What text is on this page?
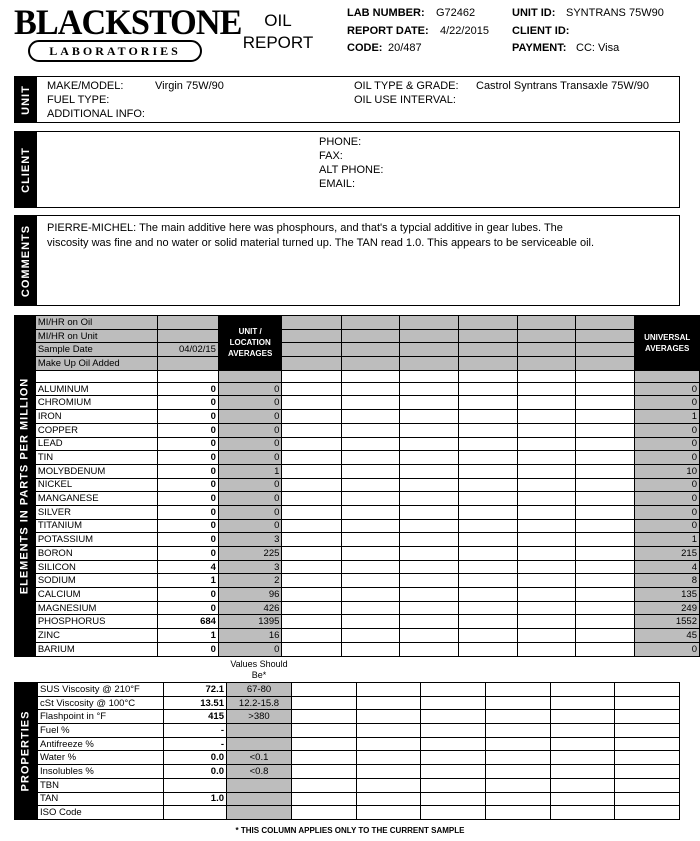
BLACKSTONE
LABORATORIES
OIL
REPORT
LAB NUMBER: G72462
REPORT DATE: 4/22/2015
CODE: 20/487
UNIT ID: SYNTRANS 75W90
CLIENT ID:
PAYMENT: CC: Visa
UNIT MAKE/MODEL:	Virgin 75W/90
FUEL TYPE:
ADDITIONAL INFO:
OIL TYPE & GRADE: Castrol Syntrans Transaxle 75W/90
OIL USE INTERVAL:
CLIENT
PHONE:
FAX:
ALT PHONE:
EMAIL:
COMMENTS PIERRE-MICHEL: The main additive here was phosphours, and that's a typcial additive in gear lubes. The viscosity was fine and no water or solid material turned up. The TAN read 1.0. This appears to be serviceable oil.
ELEMENTS IN PARTS PER MILLION	MI/HR on Oil		UNIT / LOCATION AVERAGES							UNIVERSAL AVERAGES
	MI/HR on Unit									
	Sample Date	04/02/15								
	Make Up Oil Added									

	ALUMINUM	0	0							0
	CHROMIUM	0	0							0
	IRON	0	0							1
	COPPER	0	0							0
	LEAD	0	0							0
	TIN	0	0							0
	MOLYBDENUM	0	1							10
	NICKEL	0	0							0
	MANGANESE	0	0							0
	SILVER	0	0							0
	TITANIUM	0	0							0
	POTASSIUM	0	3							1
	BORON	0	225							215
	SILICON	4	3							4
	SODIUM	1	2							8
	CALCIUM	0	96							135
	MAGNESIUM	0	426							249
	PHOSPHORUS	684	1395							1552
	ZINC	1	16							45
	BARIUM	0	0							0
Values Should Be*
PROPERTIES	SUS Viscosity @ 210°F	72.1	67-80						
	cSt Viscosity @ 100°C	13.51	12.2-15.8						
	Flashpoint in °F	415	>380						
	Fuel %	-							
	Antifreeze %	-							
	Water %	0.0	<0.1						
	Insolubles %	0.0	<0.8						
	TBN								
	TAN	1.0							
	ISO Code								
* THIS COLUMN APPLIES ONLY TO THE CURRENT SAMPLE
